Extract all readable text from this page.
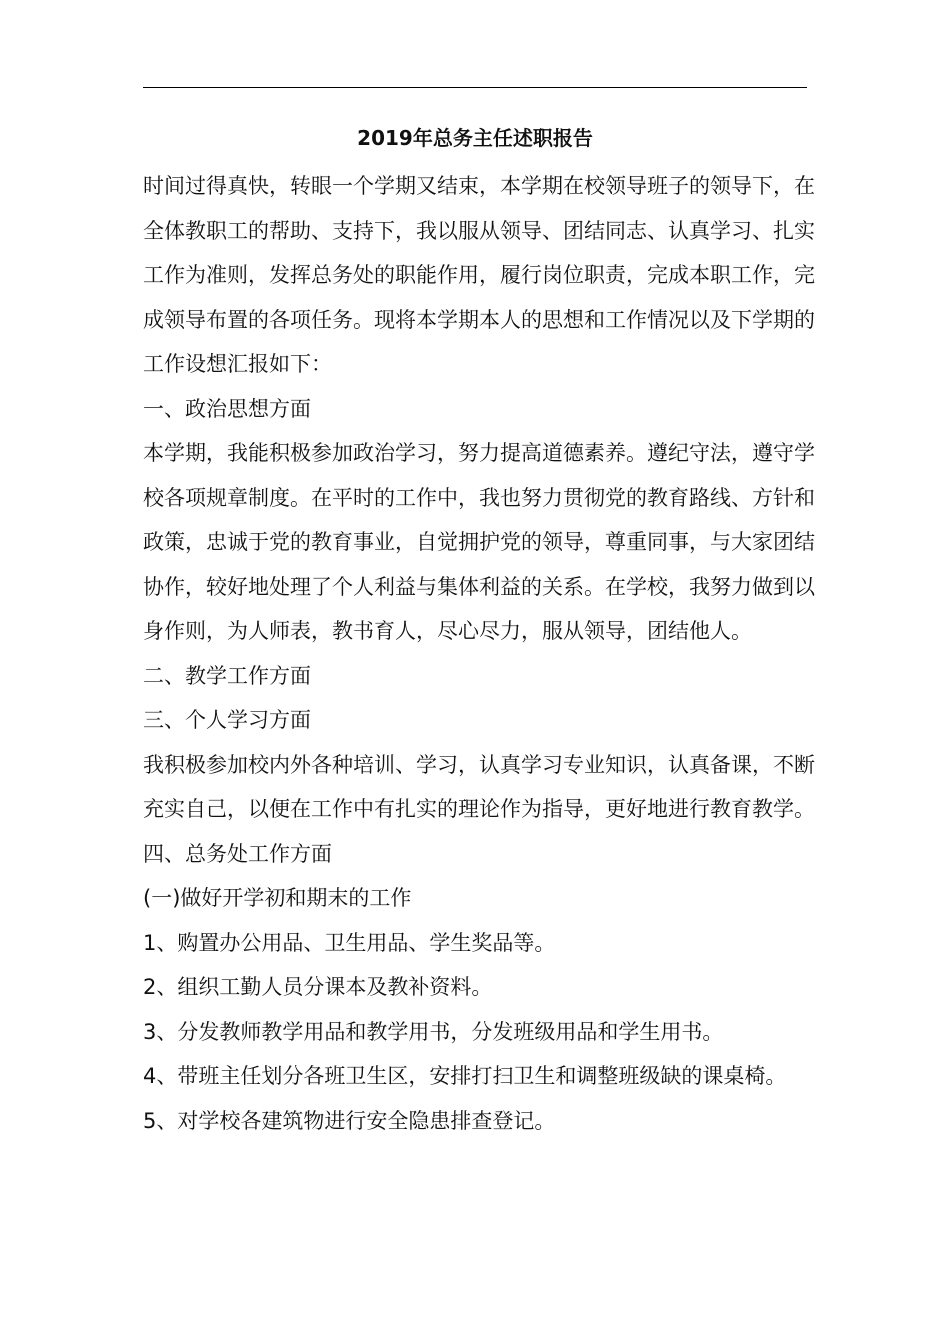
2019年总务主任述职报告

时间过得真快，转眼一个学期又结束，本学期在校领导班子的领导下，在全体教职工的帮助、支持下，我以服从领导、团结同志、认真学习、扎实工作为准则，发挥总务处的职能作用，履行岗位职责，完成本职工作，完成领导布置的各项任务。现将本学期本人的思想和工作情况以及下学期的工作设想汇报如下：

一、政治思想方面

本学期，我能积极参加政治学习，努力提高道德素养。遵纪守法，遵守学校各项规章制度。在平时的工作中，我也努力贯彻党的教育路线、方针和政策，忠诚于党的教育事业，自觉拥护党的领导，尊重同事，与大家团结协作，较好地处理了个人利益与集体利益的关系。在学校，我努力做到以身作则，为人师表，教书育人，尽心尽力，服从领导，团结他人。

二、教学工作方面

三、个人学习方面

我积极参加校内外各种培训、学习，认真学习专业知识，认真备课，不断充实自己，以便在工作中有扎实的理论作为指导，更好地进行教育教学。

四、总务处工作方面

(一)做好开学初和期末的工作

1、购置办公用品、卫生用品、学生奖品等。

2、组织工勤人员分课本及教补资料。

3、分发教师教学用品和教学用书，分发班级用品和学生用书。

4、带班主任划分各班卫生区，安排打扫卫生和调整班级缺的课桌椅。

5、对学校各建筑物进行安全隐患排查登记。
